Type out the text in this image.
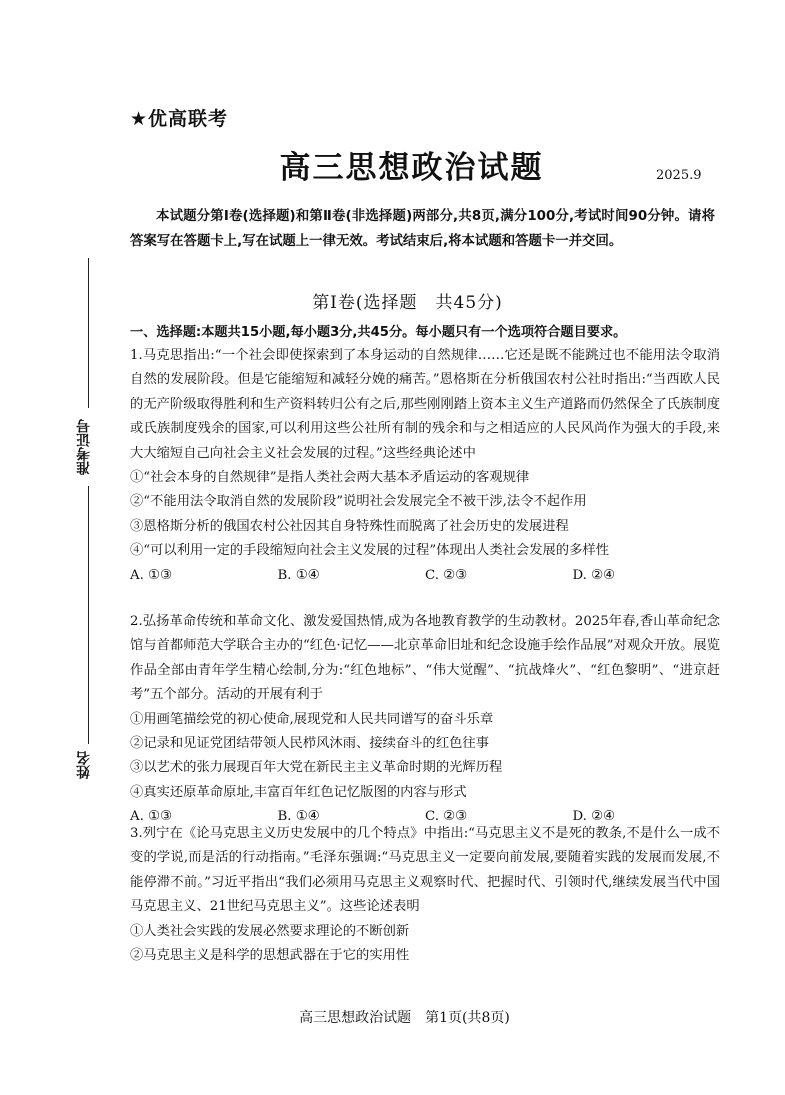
准考证号
姓名
★优高联考
高三思想政治试题	2025.9
本试题分第Ⅰ卷(选择题)和第Ⅱ卷(非选择题)两部分,共8页,满分100分,考试时间90分钟。请将答案写在答题卡上,写在试题上一律无效。考试结束后,将本试题和答题卡一并交回。
第Ⅰ卷(选择题　共45分)
一、选择题:本题共15小题,每小题3分,共45分。每小题只有一个选项符合题目要求。

1.马克思指出:“一个社会即使探索到了本身运动的自然规律……它还是既不能跳过也不能用法令取消自然的发展阶段。但是它能缩短和减轻分娩的痛苦。”恩格斯在分析俄国农村公社时指出:“当西欧人民的无产阶级取得胜利和生产资料转归公有之后,那些刚刚踏上资本主义生产道路而仍然保全了氏族制度或氏族制度残余的国家,可以利用这些公社所有制的残余和与之相适应的人民风尚作为强大的手段,来大大缩短自己向社会主义社会发展的过程。”这些经典论述中

①“社会本身的自然规律”是指人类社会两大基本矛盾运动的客观规律

②“不能用法令取消自然的发展阶段”说明社会发展完全不被干涉,法令不起作用

③恩格斯分析的俄国农村公社因其自身特殊性而脱离了社会历史的发展进程

④“可以利用一定的手段缩短向社会主义发展的过程”体现出人类社会发展的多样性

A. ①③	B. ①④	C. ②③	D. ②④

2.弘扬革命传统和革命文化、激发爱国热情,成为各地教育教学的生动教材。2025年春,香山革命纪念馆与首都师范大学联合主办的“红色·记忆——北京革命旧址和纪念设施手绘作品展”对观众开放。展览作品全部由青年学生精心绘制,分为:“红色地标”、“伟大觉醒”、“抗战烽火”、“红色黎明”、“进京赶考”五个部分。活动的开展有利于

①用画笔描绘党的初心使命,展现党和人民共同谱写的奋斗乐章

②记录和见证党团结带领人民栉风沐雨、接续奋斗的红色往事

③以艺术的张力展现百年大党在新民主主义革命时期的光辉历程

④真实还原革命原址,丰富百年红色记忆版图的内容与形式

A. ①③	B. ①④	C. ②③	D. ②④

3.列宁在《论马克思主义历史发展中的几个特点》中指出:“马克思主义不是死的教条,不是什么一成不变的学说,而是活的行动指南。”毛泽东强调:“马克思主义一定要向前发展,要随着实践的发展而发展,不能停滞不前。”习近平指出“我们必须用马克思主义观察时代、把握时代、引领时代,继续发展当代中国马克思主义、21世纪马克思主义”。这些论述表明

①人类社会实践的发展必然要求理论的不断创新

②马克思主义是科学的思想武器在于它的实用性

高三思想政治试题　第1页(共8页)
